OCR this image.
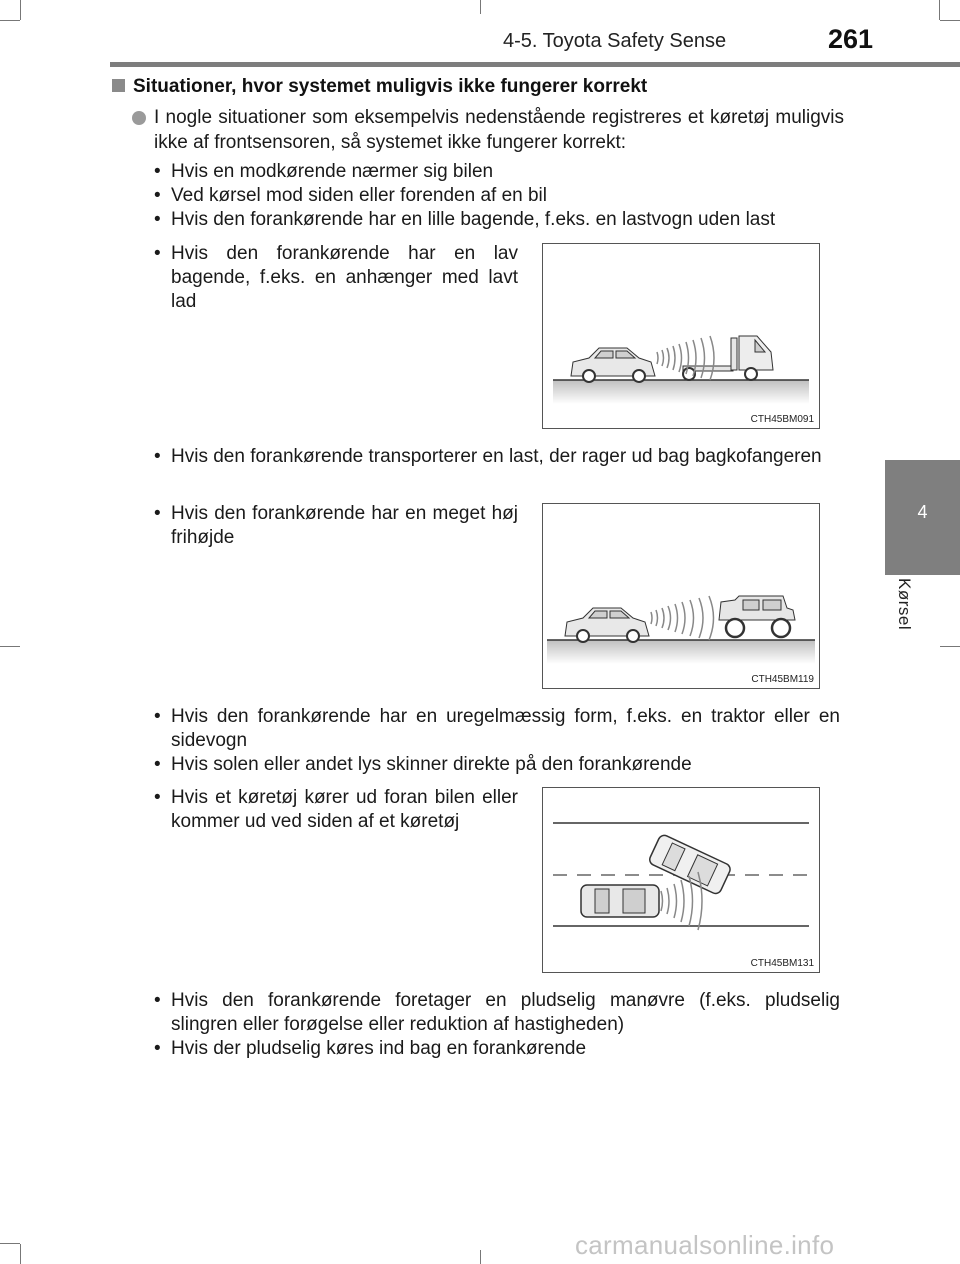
4-5. Toyota Safety Sense	261
4
Kørsel
Situationer, hvor systemet muligvis ikke fungerer korrekt
I nogle situationer som eksempelvis nedenstående registreres et køretøj muligvis ikke af frontsensoren, så systemet ikke fungerer korrekt:
• Hvis en modkørende nærmer sig bilen
• Ved kørsel mod siden eller forenden af en bil
• Hvis den forankørende har en lille bagende, f.eks. en lastvogn uden last
• Hvis den forankørende har en lav bagende, f.eks. en anhænger med lavt lad
• Hvis den forankørende transporterer en last, der rager ud bag bagkofangeren
• Hvis den forankørende har en meget høj frihøjde
• Hvis den forankørende har en uregelmæssig form, f.eks. en traktor eller en sidevogn
• Hvis solen eller andet lys skinner direkte på den forankørende
• Hvis et køretøj kører ud foran bilen eller kommer ud ved siden af et køretøj
• Hvis den forankørende foretager en pludselig manøvre (f.eks. pludselig slingren eller forøgelse eller reduktion af hastigheden)
• Hvis der pludselig køres ind bag en forankørende
CTH45BM091
CTH45BM119
CTH45BM131
carmanualsonline.info
